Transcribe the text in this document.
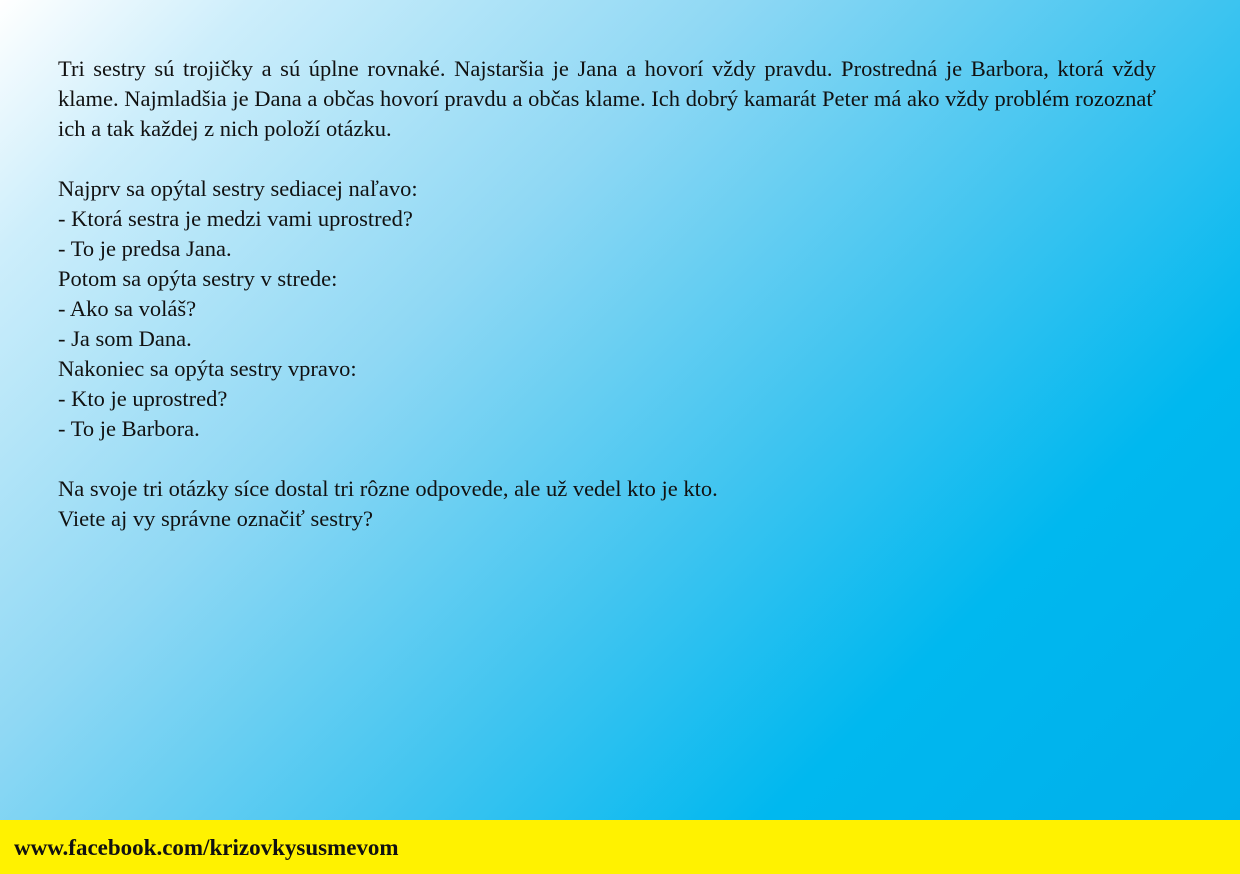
Tri sestry sú trojičky a sú úplne rovnaké. Najstaršia je Jana a hovorí vždy pravdu. Prostredná je Barbora, ktorá vždy klame. Najmladšia je Dana a občas hovorí pravdu a občas klame. Ich dobrý kamarát Peter má ako vždy problém rozoznať ich a tak každej z nich položí otázku.

Najprv sa opýtal sestry sediacej naľavo:

- Ktorá sestra je medzi vami uprostred?

- To je predsa Jana.

Potom sa opýta sestry v strede:

- Ako sa voláš?

- Ja som Dana.

Nakoniec sa opýta sestry vpravo:

- Kto je uprostred?

- To je Barbora.

Na svoje tri otázky síce dostal tri rôzne odpovede, ale už vedel kto je kto.

Viete aj vy správne označiť sestry?

www.facebook.com/krizovkysusmevom
